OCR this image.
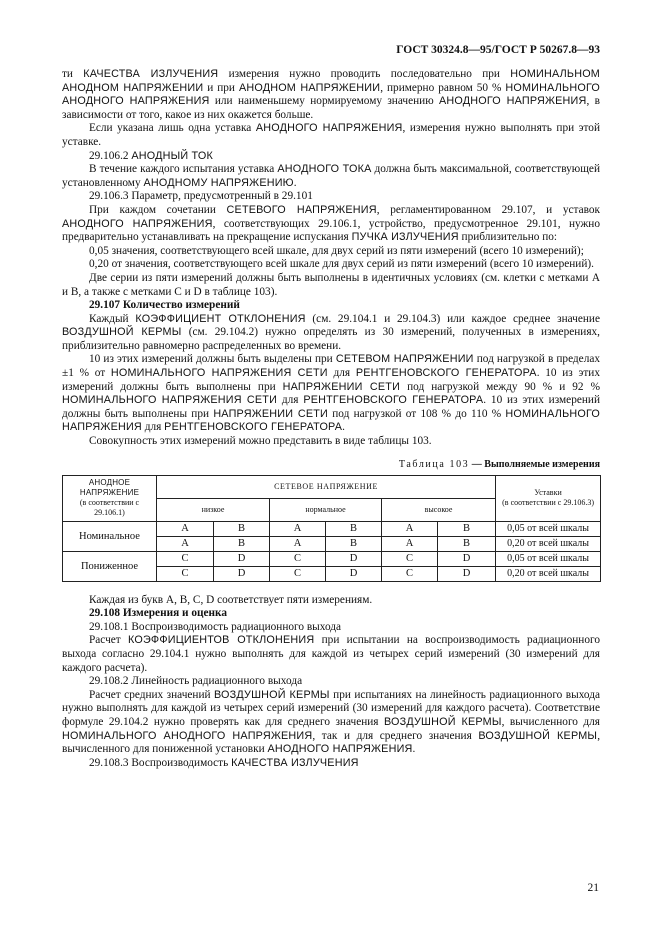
ГОСТ 30324.8—95/ГОСТ Р 50267.8—93

ти КАЧЕСТВА ИЗЛУЧЕНИЯ измерения нужно проводить последовательно при НОМИНАЛЬНОМ АНОДНОМ НАПРЯЖЕНИИ и при АНОДНОМ НАПРЯЖЕНИИ, примерно равном 50 % НОМИНАЛЬНОГО АНОДНОГО НАПРЯЖЕНИЯ или наименьшему нормируемому значению АНОДНОГО НАПРЯЖЕНИЯ, в зависимости от того, какое из них окажется больше.

Если указана лишь одна уставка АНОДНОГО НАПРЯЖЕНИЯ, измерения нужно выполнять при этой уставке.

29.106.2 АНОДНЫЙ ТОК

В течение каждого испытания уставка АНОДНОГО ТОКА должна быть максимальной, соответствующей установленному АНОДНОМУ НАПРЯЖЕНИЮ.

29.106.3 Параметр, предусмотренный в 29.101

При каждом сочетании СЕТЕВОГО НАПРЯЖЕНИЯ, регламентированном 29.107, и уставок АНОДНОГО НАПРЯЖЕНИЯ, соответствующих 29.106.1, устройство, предусмотренное 29.101, нужно предварительно устанавливать на прекращение испускания ПУЧКА ИЗЛУЧЕНИЯ приблизительно по:

0,05 значения, соответствующего всей шкале, для двух серий из пяти измерений (всего 10 измерений);

0,20 от значения, соответствующего всей шкале для двух серий из пяти измерений (всего 10 измерений).

Две серии из пяти измерений должны быть выполнены в идентичных условиях (см. клетки с метками А и В, а также с метками С и D в таблице 103).

29.107 Количество измерений

Каждый КОЭФФИЦИЕНТ ОТКЛОНЕНИЯ (см. 29.104.1 и 29.104.3) или каждое среднее значение ВОЗДУШНОЙ КЕРМЫ (см. 29.104.2) нужно определять из 30 измерений, полученных в измерениях, приблизительно равномерно распределенных во времени.

10 из этих измерений должны быть выделены при СЕТЕВОМ НАПРЯЖЕНИИ под нагрузкой в пределах ±1 % от НОМИНАЛЬНОГО НАПРЯЖЕНИЯ СЕТИ для РЕНТГЕНОВСКОГО ГЕНЕРАТОРА. 10 из этих измерений должны быть выполнены при НАПРЯЖЕНИИ СЕТИ под нагрузкой между 90 % и 92 % НОМИНАЛЬНОГО НАПРЯЖЕНИЯ СЕТИ для РЕНТГЕНОВСКОГО ГЕНЕРАТОРА. 10 из этих измерений должны быть выполнены при НАПРЯЖЕНИИ СЕТИ под нагрузкой от 108 % до 110 % НОМИНАЛЬНОГО НАПРЯЖЕНИЯ для РЕНТГЕНОВСКОГО ГЕНЕРАТОРА.

Совокупность этих измерений можно представить в виде таблицы 103.

Таблица 103 — Выполняемые измерения
АНОДНОЕ НАПРЯЖЕНИЕ
(в соответствии с 29.106.1)	СЕТЕВОЕ НАПРЯЖЕНИЕ						Уставки
(в соответствии с 29.106.3)
	низкое		нормальное		высокое		
Номинальное	A	B	A	B	A	B	0,05 от всей шкалы
	A	B	A	B	A	B	0,20 от всей шкалы
Пониженное	C	D	C	D	C	D	0,05 от всей шкалы
	C	D	C	D	C	D	0,20 от всей шкалы

Каждая из букв А, В, С, D соответствует пяти измерениям.

29.108 Измерения и оценка

29.108.1 Воспроизводимость радиационного выхода

Расчет КОЭФФИЦИЕНТОВ ОТКЛОНЕНИЯ при испытании на воспроизводимость радиационного выхода согласно 29.104.1 нужно выполнять для каждой из четырех серий измерений (30 измерений для каждого расчета).

29.108.2 Линейность радиационного выхода

Расчет средних значений ВОЗДУШНОЙ КЕРМЫ при испытаниях на линейность радиационного выхода нужно выполнять для каждой из четырех серий измерений (30 измерений для каждого расчета). Соответствие формуле 29.104.2 нужно проверять как для среднего значения ВОЗДУШНОЙ КЕРМЫ, вычисленного для НОМИНАЛЬНОГО АНОДНОГО НАПРЯЖЕНИЯ, так и для среднего значения ВОЗДУШНОЙ КЕРМЫ, вычисленного для пониженной установки АНОДНОГО НАПРЯЖЕНИЯ.

29.108.3 Воспроизводимость КАЧЕСТВА ИЗЛУЧЕНИЯ

21
